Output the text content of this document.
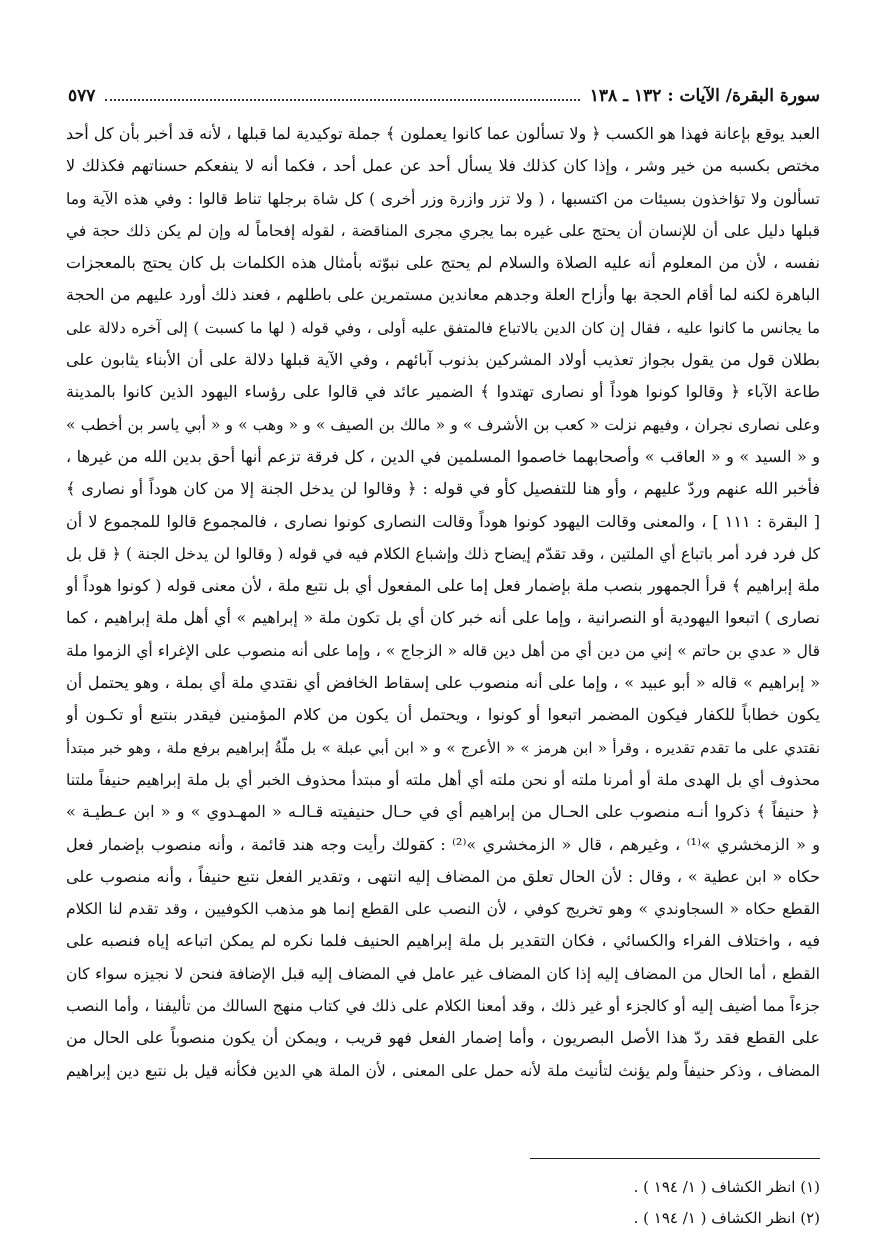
سورة البقرة/ الآيات : ١٣٢ ـ ١٣٨
٥٧٧
العبد يوقع بإعانة فهذا هو الكسب ﴿ ولا تسألون عما كانوا يعملون ﴾ جملة توكيدية لما قبلها ، لأنه قد أخبر بأن كل أحد
مختص بكسبه من خير وشر ، وإذا كان كذلك فلا يسأل أحد عن عمل أحد ، فكما أنه لا ينفعكم حسناتهم فكذلك لا
تسألون ولا تؤاخذون بسيئات من اكتسبها ، ( ولا تزر وازرة وزر أخرى ) كل شاة برجلها تناط قالوا : وفي هذه الآية وما
قبلها دليل على أن للإنسان أن يحتج على غيره بما يجري مجرى المناقضة ، لقوله إفحاماً له وإن لم يكن ذلك حجة في
نفسه ، لأن من المعلوم أنه عليه الصلاة والسلام لم يحتج على نبوّته بأمثال هذه الكلمات بل كان يحتج بالمعجزات
الباهرة لكنه لما أقام الحجة بها وأزاح العلة وجدهم معاندين مستمرين على باطلهم ، فعند ذلك أورد عليهم من الحجة
ما يجانس ما كانوا عليه ، فقال إن كان الدين بالاتباع فالمتفق عليه أولى ، وفي قوله ( لها ما كسبت ) إلى آخره دلالة على
بطلان قول من يقول بجواز تعذيب أولاد المشركين بذنوب آبائهم ، وفي الآية قبلها دلالة على أن الأبناء يثابون على
طاعة الآباء ﴿ وقالوا كونوا هوداً أو نصارى تهتدوا ﴾ الضمير عائد في قالوا على رؤساء اليهود الذين كانوا بالمدينة
وعلى نصارى نجران ، وفيهم نزلت « كعب بن الأشرف » و « مالك بن الصيف » و « وهب » و « أبي ياسر بن أخطب »
و « السيد » و « العاقب » وأصحابهما خاصموا المسلمين في الدين ، كل فرقة تزعم أنها أحق بدين الله من غيرها ،
فأخبر الله عنهم وردّ عليهم ، وأو هنا للتفصيل كأو في قوله : ﴿ وقالوا لن يدخل الجنة إلا من كان هوداً أو نصارى ﴾
[ البقرة : ١١١ ] ، والمعنى وقالت اليهود كونوا هوداً وقالت النصارى كونوا نصارى ، فالمجموع قالوا للمجموع لا أن
كل فرد فرد أمر باتباع أي الملتين ، وقد تقدّم إيضاح ذلك وإشباع الكلام فيه في قوله ( وقالوا لن يدخل الجنة ) ﴿ قل بل
ملة إبراهيم ﴾ قرأ الجمهور بنصب ملة بإضمار فعل إما على المفعول أي بل نتبع ملة ، لأن معنى قوله ( كونوا هوداً أو
نصارى ) اتبعوا اليهودية أو النصرانية ، وإما على أنه خبر كان أي بل تكون ملة « إبراهيم » أي أهل ملة إبراهيم ، كما
قال « عدي بن حاتم » إني من دين أي من أهل دين قاله « الزجاج » ، وإما على أنه منصوب على الإغراء أي الزموا ملة
« إبراهيم » قاله « أبو عبيد » ، وإما على أنه منصوب على إسقاط الخافض أي نقتدي ملة أي بملة ، وهو يحتمل أن
يكون خطاباً للكفار فيكون المضمر اتبعوا أو كونوا ، ويحتمل أن يكون من كلام المؤمنين فيقدر بنتبع أو تكـون أو
نقتدي على ما تقدم تقديره ، وقرأ « ابن هرمز » « الأعرج » و « ابن أبي عبلة » بل ملّةُ إبراهيم برفع ملة ، وهو خبر مبتدأ
محذوف أي بل الهدى ملة أو أمرنا ملته أو نحن ملته أي أهل ملته أو مبتدأ محذوف الخبر أي بل ملة إبراهيم حنيفاً ملتنا
﴿ حنيفاً ﴾ ذكروا أنـه منصوب على الحـال من إبراهيم أي في حـال حنيفيته قـالـه « المهـدوي » و « ابن عـطيـة »
و « الزمخشري »⁽¹⁾ ، وغيرهم ، قال « الزمخشري »⁽²⁾ : كقولك رأيت وجه هند قائمة ، وأنه منصوب بإضمار فعل
حكاه « ابن عطية » ، وقال : لأن الحال تعلق من المضاف إليه انتهى ، وتقدير الفعل نتبع حنيفاً ، وأنه منصوب على
القطع حكاه « السجاوندي » وهو تخريج كوفي ، لأن النصب على القطع إنما هو مذهب الكوفيين ، وقد تقدم لنا الكلام
فيه ، واختلاف الفراء والكسائي ، فكان التقدير بل ملة إبراهيم الحنيف فلما نكره لم يمكن اتباعه إياه فنصبه على
القطع ، أما الحال من المضاف إليه إذا كان المضاف غير عامل في المضاف إليه قبل الإضافة فنحن لا نجيزه سواء كان
جزءاً مما أضيف إليه أو كالجزء أو غير ذلك ، وقد أمعنا الكلام على ذلك في كتاب منهج السالك من تأليفنا ، وأما النصب
على القطع فقد ردّ هذا الأصل البصريون ، وأما إضمار الفعل فهو قريب ، ويمكن أن يكون منصوباً على الحال من
المضاف ، وذكر حنيفاً ولم يؤنث لتأنيث ملة لأنه حمل على المعنى ، لأن الملة هي الدين فكأنه قيل بل نتبع دين إبراهيم
(١) انظر الكشاف ( ١/ ١٩٤ ) .
(٢) انظر الكشاف ( ١/ ١٩٤ ) .
